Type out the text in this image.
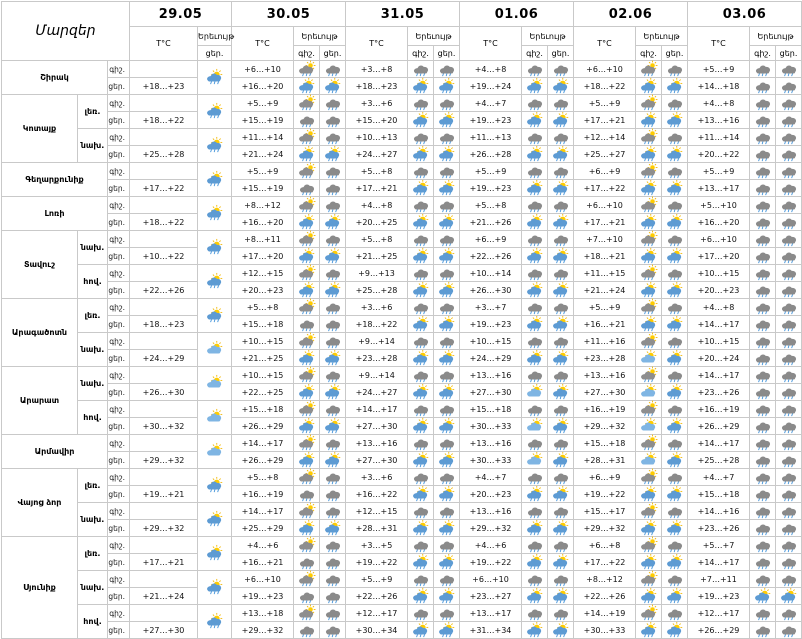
Մարզեր			29.05		30.05			31.05			01.06			02.06			03.06		
			T°C	Երեւույթ	T°C	Երեւույթ		T°C	Երեւույթ		T°C	Երեւույթ		T°C	Երեւույթ		T°C	Երեւույթ	
				ցեր.		գիշ.	ցեր.		գիշ.	ցեր.		գիշ.	ցեր.		գիշ.	ցեր.		գիշ.	ցեր.
Շիրակ		գիշ.			+6…+10			+3…+8			+4…+8			+6…+10			+5…+9		
		ցեր.	+18…+23		+16…+20			+18…+23			+19…+24			+18…+22			+14…+18		
Կոտայք	լեռ.	գիշ.			+5…+9			+3…+6			+4…+7			+5…+9			+4…+8		
		ցեր.	+18…+22		+15…+19			+15…+20			+19…+23			+17…+21			+13…+16		
	նախ.	գիշ.			+11…+14			+10…+13			+11…+13			+12…+14			+11…+14		
		ցեր.	+25…+28		+21…+24			+24…+27			+26…+28			+25…+27			+20…+22		
Գեղարքունիք		գիշ.			+5…+9			+5…+8			+5…+9			+6…+9			+5…+9		
		ցեր.	+17…+22		+15…+19			+17…+21			+19…+23			+17…+22			+13…+17		
Լոռի		գիշ.			+8…+12			+4…+8			+5…+8			+6…+10			+5…+10		
		ցեր.	+18…+22		+16…+20			+20…+25			+21…+26			+17…+21			+16…+20		
Տավուշ	նախ.	գիշ.			+8…+11			+5…+8			+6…+9			+7…+10			+6…+10		
		ցեր.	+10…+22		+17…+20			+21…+25			+22…+26			+18…+21			+17…+20		
	հով.	գիշ.			+12…+15			+9…+13			+10…+14			+11…+15			+10…+15		
		ցեր.	+22…+26		+20…+23			+25…+28			+26…+30			+21…+24			+20…+23		
Արագածոտն	լեռ.	գիշ.			+5…+8			+3…+6			+3…+7			+5…+9			+4…+8		
		ցեր.	+18…+23		+15…+18			+18…+22			+19…+23			+16…+21			+14…+17		
	նախ.	գիշ.			+10…+15			+9…+14			+10…+15			+11…+16			+10…+15		
		ցեր.	+24…+29		+21…+25			+23…+28			+24…+29			+23…+28			+20…+24		
Արարատ	նախ.	գիշ.			+10…+15			+9…+14			+13…+16			+13…+16			+14…+17		
		ցեր.	+26…+30		+22…+25			+24…+27			+27…+30			+27…+30			+23…+26		
	հով.	գիշ.			+15…+18			+14…+17			+15…+18			+16…+19			+16…+19		
		ցեր.	+30…+32		+26…+29			+27…+30			+30…+33			+29…+32			+26…+29		
Արմավիր		գիշ.			+14…+17			+13…+16			+13…+16			+15…+18			+14…+17		
		ցեր.	+29…+32		+26…+29			+27…+30			+30…+33			+28…+31			+25…+28		
Վայոց ձոր	լեռ.	գիշ.			+5…+8			+3…+6			+4…+7			+6…+9			+4…+7		
		ցեր.	+19…+21		+16…+19			+16…+22			+20…+23			+19…+22			+15…+18		
	նախ.	գիշ.			+14…+17			+12…+15			+13…+16			+15…+17			+14…+16		
		ցեր.	+29…+32		+25…+29			+28…+31			+29…+32			+29…+32			+23…+26		
Սյունիք	լեռ.	գիշ.			+4…+6			+3…+5			+4…+6			+6…+8			+5…+7		
		ցեր.	+17…+21		+16…+21			+19…+22			+19…+22			+17…+22			+14…+17		
	նախ.	գիշ.			+6…+10			+5…+9			+6…+10			+8…+12			+7…+11		
		ցեր.	+21…+24		+19…+23			+22…+26			+23…+27			+22…+26			+19…+23		
	հով.	գիշ.			+13…+18			+12…+17			+13…+17			+14…+19			+12…+17		
		ցեր.	+27…+30		+29…+32			+30…+34			+31…+34			+30…+33			+26…+29		
